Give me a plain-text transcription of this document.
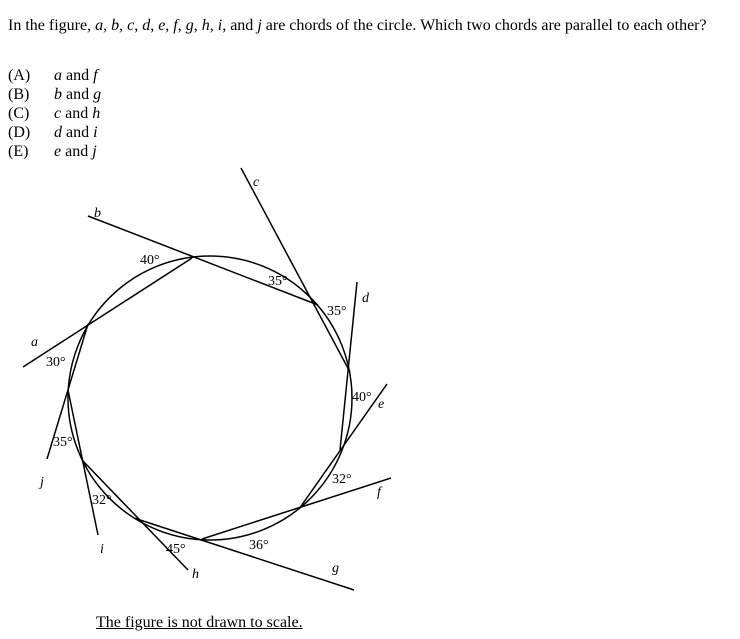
In the figure, a, b, c, d, e, f, g, h, i, and j are chords of the circle. Which two chords are parallel to each other?

(A)	a and f
(B)	b and g
(C)	c and h
(D)	d and i
(E)	e and j
a
b
c
d
e
f
g
h
i
j
30°
40°
35°
35°
40°
32°
36°
45°
32°
35°

The figure is not drawn to scale.
